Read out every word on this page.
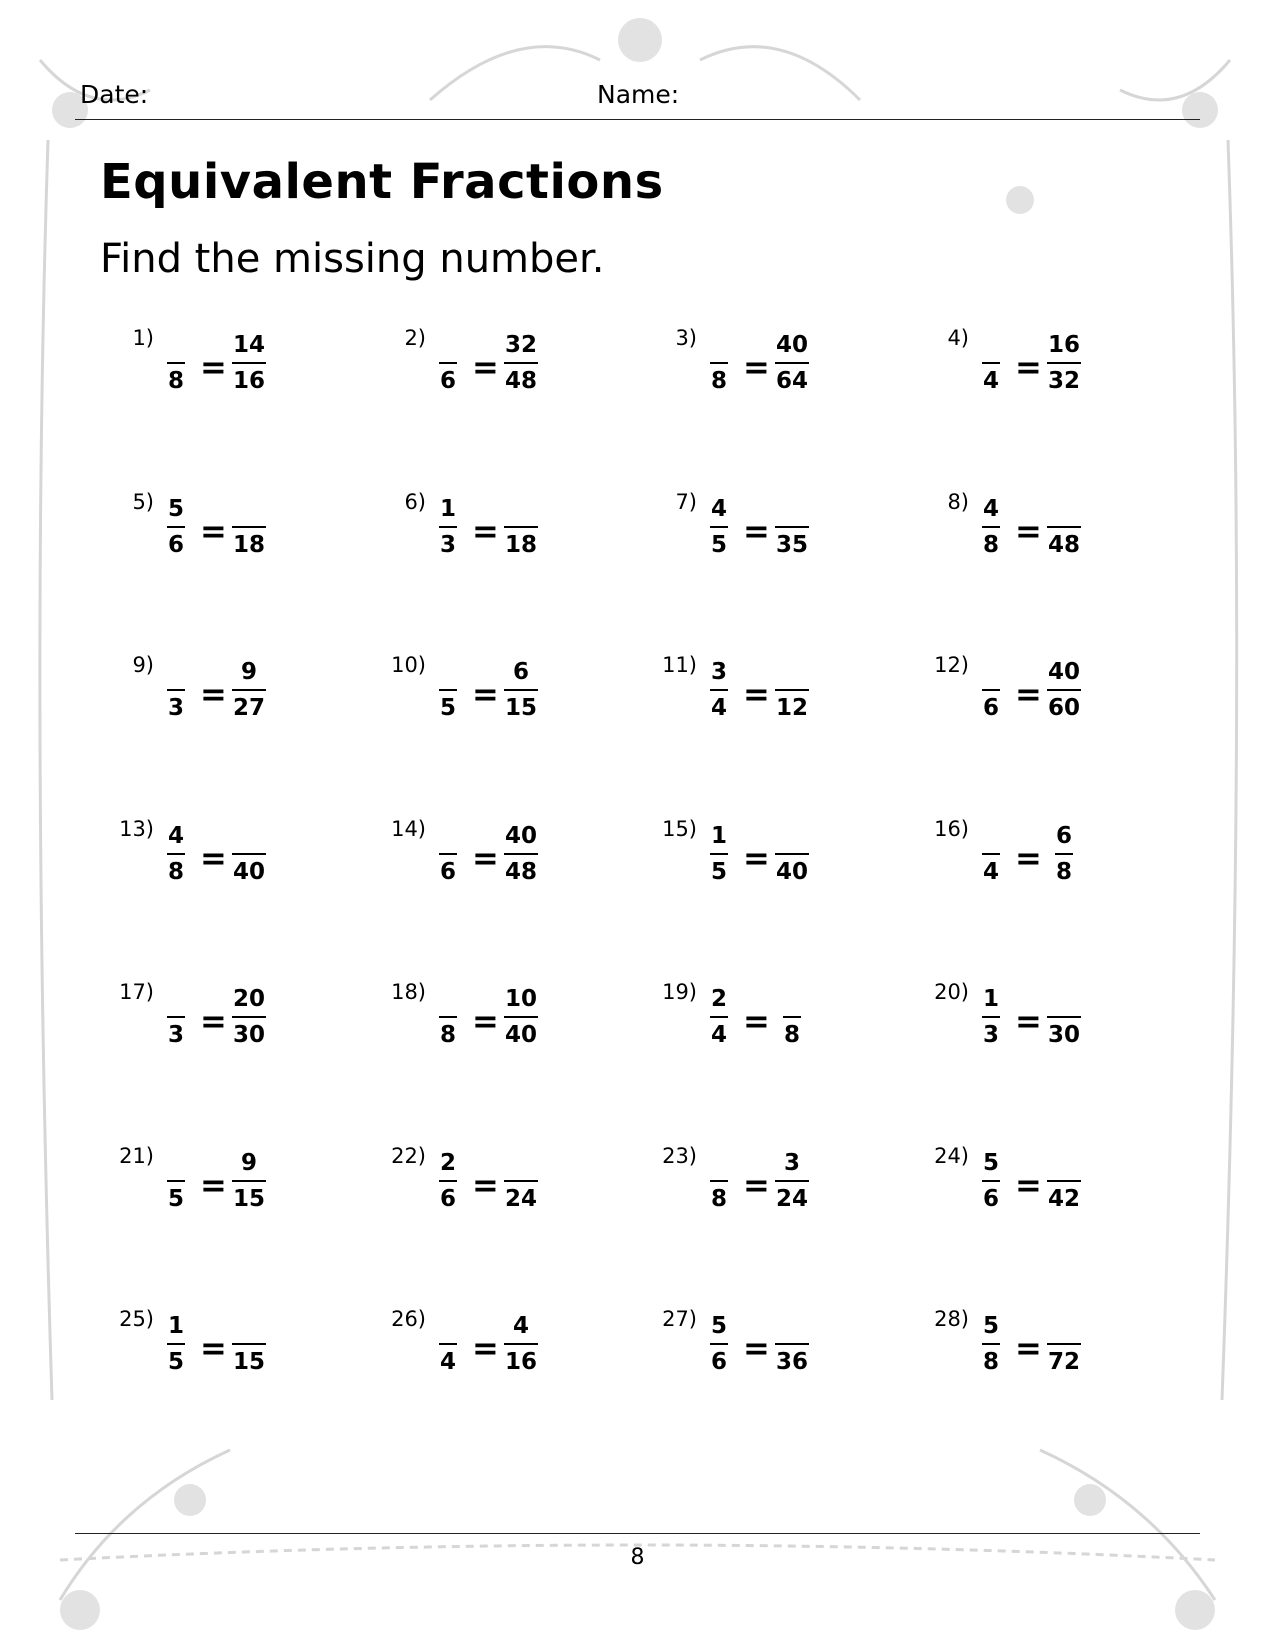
Date:	Name:
Equivalent Fractions
Find the missing number.
1)
8 =
14
16
2)
6 =
32
48
3)
8 =
40
64
4)
4 =
16
32
5) 5
6 = 18
6) 1
3 = 18
7) 4
5 = 35
8) 4
8 = 48
9)
3 =
9
27
10)
5 =
6
15
11) 3
4 = 12
12)
6 =
40
60
13) 4
8 = 40
14)
6 =
40
48
15) 1
5 = 40
16)
4 =
6
8
17)
3 =
20
30
18)
8 =
10
40
19) 2
4 = 8
20) 1
3 = 30
21)
5 =
9
15
22) 2
6 = 24
23)
8 =
3
24
24) 5
6 = 42
25) 1
5 = 15
26)
4 =
4
16
27) 5
6 = 36
28) 5
8 = 72
8
